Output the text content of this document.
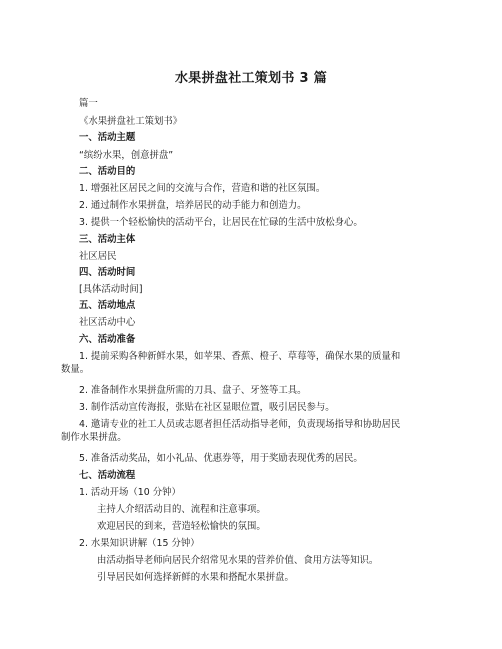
水果拼盘社工策划书 3 篇
篇一
《水果拼盘社工策划书》
一、活动主题
“缤纷水果，创意拼盘”
二、活动目的
1. 增强社区居民之间的交流与合作，营造和谐的社区氛围。
2. 通过制作水果拼盘，培养居民的动手能力和创造力。
3. 提供一个轻松愉快的活动平台，让居民在忙碌的生活中放松身心。
三、活动主体
社区居民
四、活动时间
[具体活动时间]
五、活动地点
社区活动中心
六、活动准备
1. 提前采购各种新鲜水果，如苹果、香蕉、橙子、草莓等，确保水果的质量和数量。
2. 准备制作水果拼盘所需的刀具、盘子、牙签等工具。
3. 制作活动宣传海报，张贴在社区显眼位置，吸引居民参与。
4. 邀请专业的社工人员或志愿者担任活动指导老师，负责现场指导和协助居民制作水果拼盘。
5. 准备活动奖品，如小礼品、优惠券等，用于奖励表现优秀的居民。
七、活动流程
1. 活动开场（10 分钟）
主持人介绍活动目的、流程和注意事项。
欢迎居民的到来，营造轻松愉快的氛围。
2. 水果知识讲解（15 分钟）
由活动指导老师向居民介绍常见水果的营养价值、食用方法等知识。
引导居民如何选择新鲜的水果和搭配水果拼盘。
